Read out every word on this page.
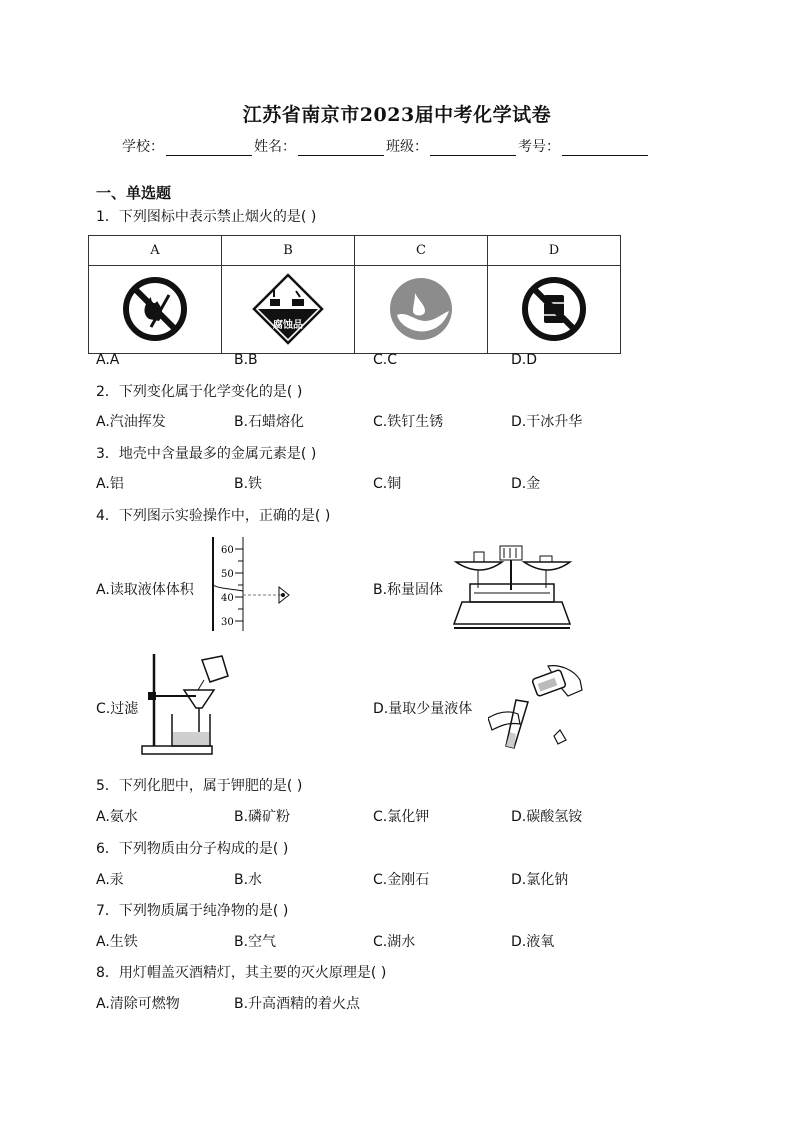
江苏省南京市2023届中考化学试卷
学校：	姓名：	班级：	考号：
一、单选题
1．下列图标中表示禁止烟火的是( )
A	B	C	D

腐蚀品

A.A	B.B	C.C	D.D
2．下列变化属于化学变化的是( )
A.汽油挥发	B.石蜡熔化	C.铁钉生锈	D.干冰升华
3．地壳中含量最多的金属元素是( )
A.铝	B.铁	C.铜	D.金
4．下列图示实验操作中，正确的是( )
A.读取液体体积
60
50
40
30
B.称量固体
C.过滤	D.量取少量液体
5．下列化肥中，属于钾肥的是( )
A.氨水	B.磷矿粉	C.氯化钾	D.碳酸氢铵
6．下列物质由分子构成的是( )
A.汞	B.水	C.金刚石	D.氯化钠
7．下列物质属于纯净物的是( )
A.生铁	B.空气	C.湖水	D.液氧
8．用灯帽盖灭酒精灯，其主要的灭火原理是( )
A.清除可燃物	B.升高酒精的着火点
